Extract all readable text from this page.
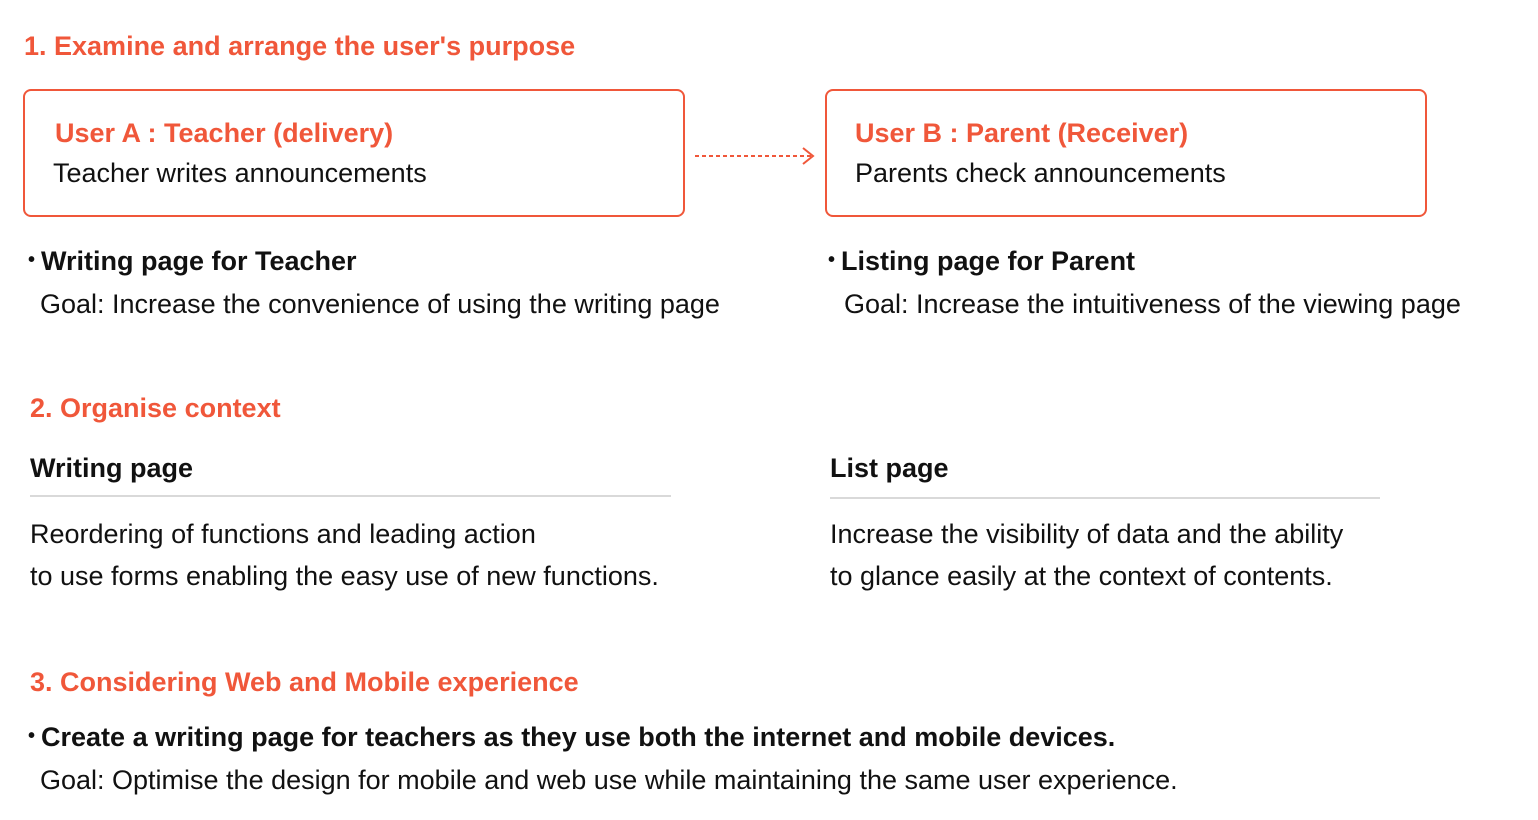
1. Examine and arrange the user's purpose
User A : Teacher (delivery)
Teacher writes announcements
User B : Parent (Receiver)
Parents check announcements
• Writing page for Teacher
Goal: Increase the convenience of using the writing page
• Listing page for Parent
Goal: Increase the intuitiveness of the viewing page
2. Organise context
Writing page
Reordering of functions and leading action
to use forms enabling the easy use of new functions.
List page
Increase the visibility of data and the ability
to glance easily at the context of contents.
3. Considering Web and Mobile experience
• Create a writing page for teachers as they use both the internet and mobile devices.
Goal: Optimise the design for mobile and web use while maintaining the same user experience.
